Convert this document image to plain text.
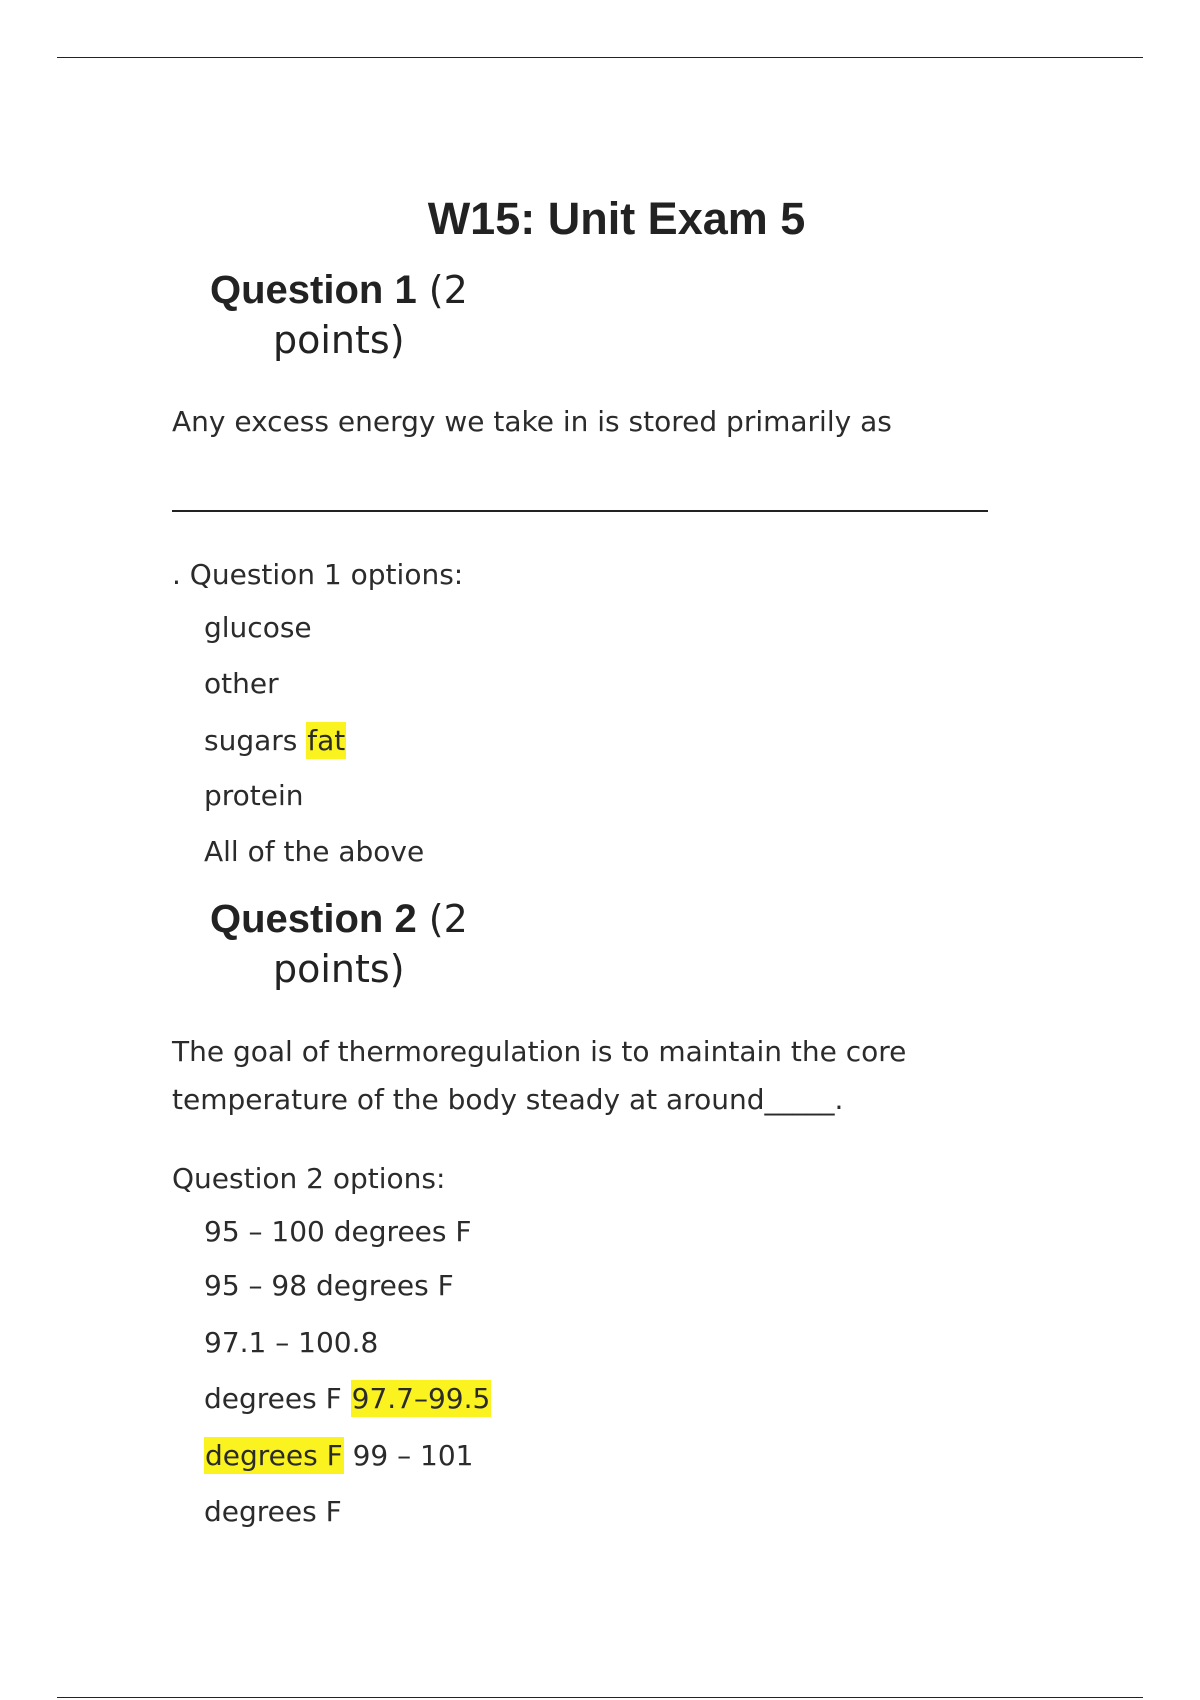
W15: Unit Exam 5
Question 1 (2
points)

Any excess energy we take in is stored primarily as

. Question 1 options:

glucose

other

sugars fat

protein

All of the above

Question 2 (2
points)

The goal of thermoregulation is to maintain the core temperature of the body steady at around_____.

Question 2 options:

95 – 100 degrees F

95 – 98 degrees F

97.1 – 100.8

degrees F 97.7–99.5

degrees F 99 – 101

degrees F
